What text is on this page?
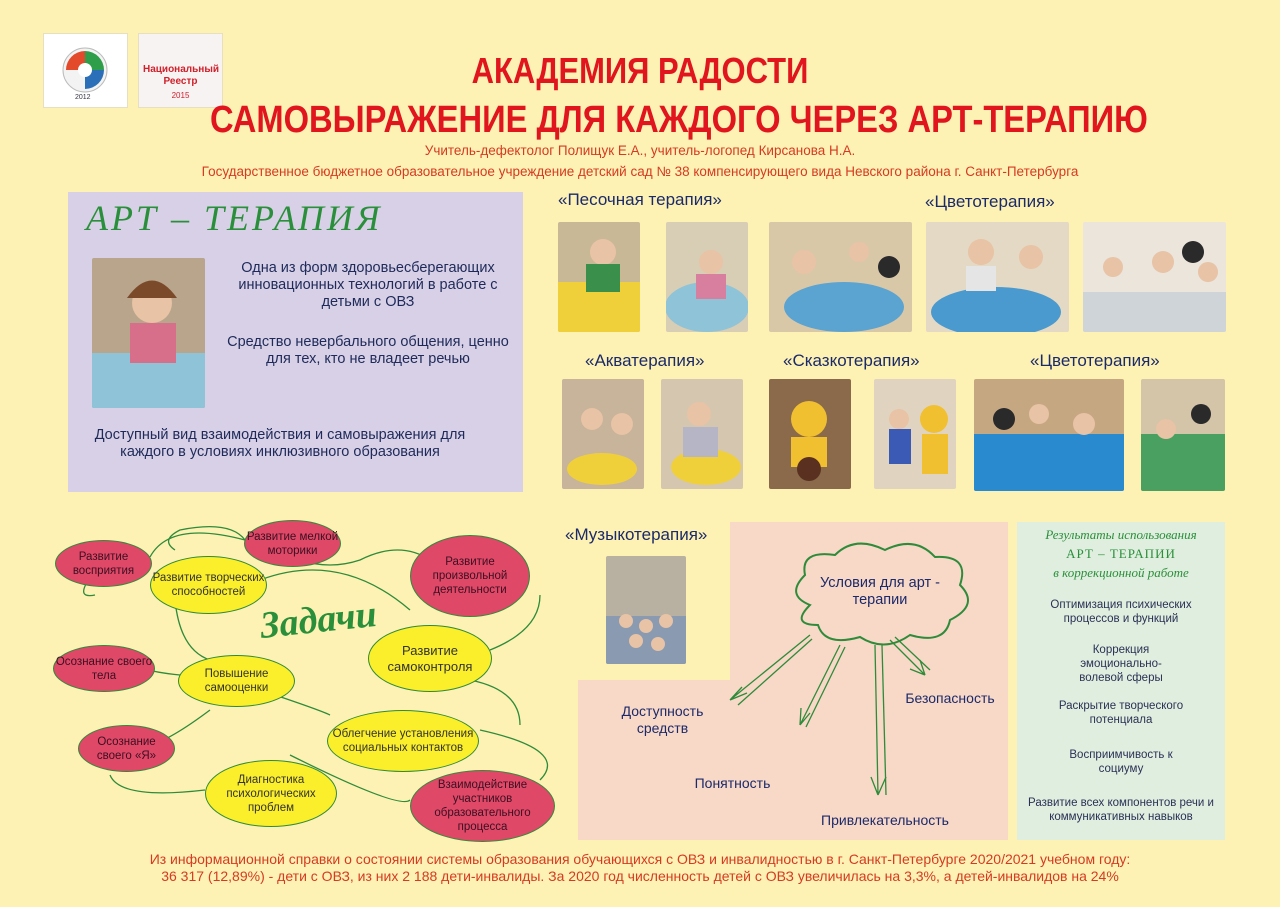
2012
Национальный
Реестр
2015
АКАДЕМИЯ РАДОСТИ
САМОВЫРАЖЕНИЕ ДЛЯ КАЖДОГО ЧЕРЕЗ АРТ-ТЕРАПИЮ
Учитель-дефектолог Полищук Е.А., учитель-логопед Кирсанова Н.А.
Государственное бюджетное образовательное учреждение детский сад № 38 компенсирующего вида Невского района г. Санкт-Петербурга
АРТ – ТЕРАПИЯ
Одна из форм здоровьесберегающих инновационных технологий в работе с детьми с ОВЗ
Средство невербального общения, ценно для тех, кто не владеет речью
Доступный вид взаимодействия и самовыражения для каждого в условиях инклюзивного образования
«Песочная терапия»	«Цветотерапия»
«Акватерапия»	«Сказкотерапия»	«Цветотерапия»
«Музыкотерапия»
Развитие восприятия
Развитие творческих способностей
Развитие мелкой моторики
Развитие произвольной деятельности
Задачи
Развитие самоконтроля
Осознание своего тела	Повышение самооценки
Осознание своего «Я»
Облегчение установления социальных контактов
Диагностика психологических проблем
Взаимодействие участников образовательного процесса
Условия для арт - терапии
Доступность средств
Понятность
Привлекательность
Безопасность
Результаты использования
АРТ – ТЕРАПИИ
в коррекционной работе
Оптимизация психических процессов и функций
Коррекция эмоционально-волевой сферы
Раскрытие творческого потенциала
Восприимчивость к социуму
Развитие всех компонентов речи и коммуникативных навыков
Из информационной справки о состоянии системы образования обучающихся с ОВЗ и инвалидностью в г. Санкт-Петербурге 2020/2021 учебном году:
36 317 (12,89%) - дети с ОВЗ, из них 2 188 дети-инвалиды. За 2020 год численность детей с ОВЗ увеличилась на 3,3%, а детей-инвалидов на 24%
